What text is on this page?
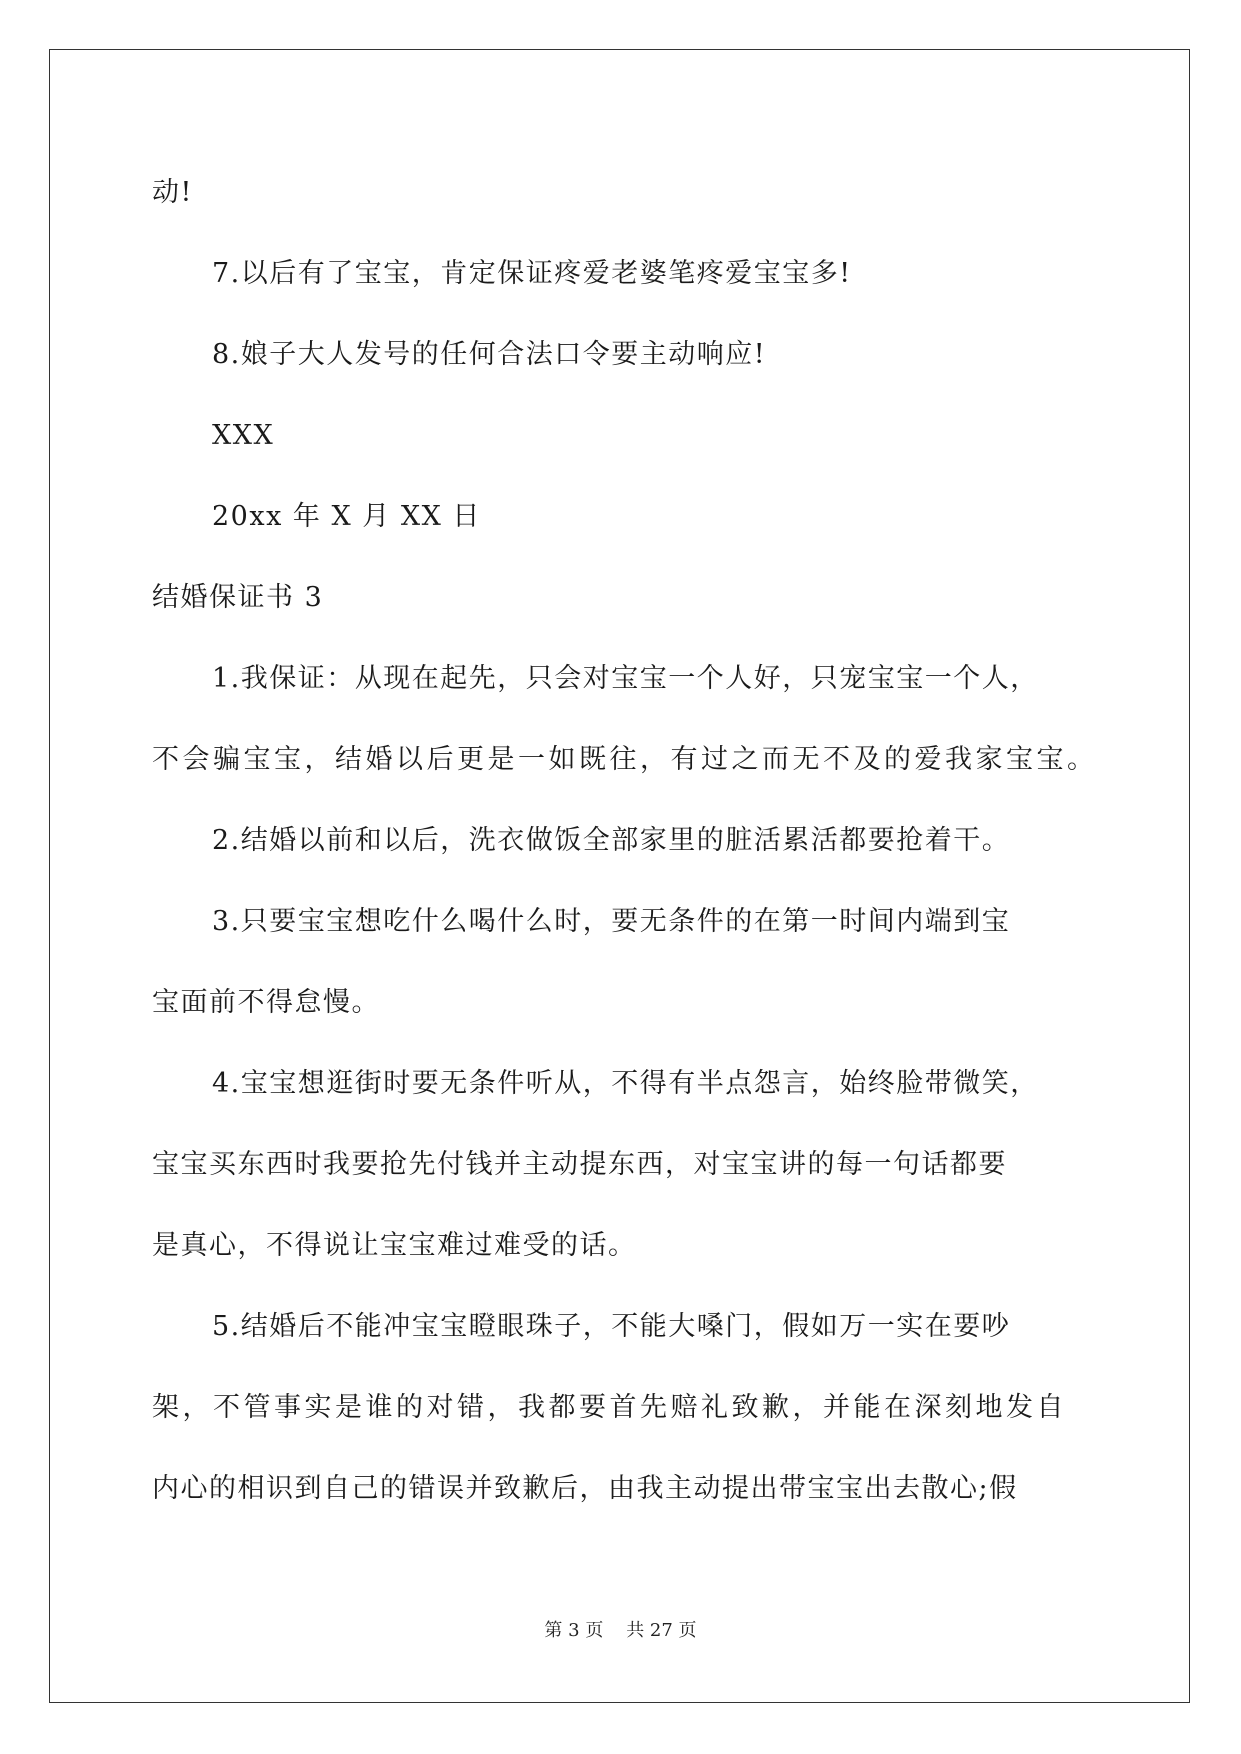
动!
7.以后有了宝宝，肯定保证疼爱老婆笔疼爱宝宝多!
8.娘子大人发号的任何合法口令要主动响应!
XXX
20xx 年 X 月 XX 日
结婚保证书 3
1.我保证：从现在起先，只会对宝宝一个人好，只宠宝宝一个人，
不会骗宝宝，结婚以后更是一如既往，有过之而无不及的爱我家宝宝。
2.结婚以前和以后，洗衣做饭全部家里的脏活累活都要抢着干。
3.只要宝宝想吃什么喝什么时，要无条件的在第一时间内端到宝
宝面前不得怠慢。
4.宝宝想逛街时要无条件听从，不得有半点怨言，始终脸带微笑，
宝宝买东西时我要抢先付钱并主动提东西，对宝宝讲的每一句话都要
是真心，不得说让宝宝难过难受的话。
5.结婚后不能冲宝宝瞪眼珠子，不能大嗓门，假如万一实在要吵
架，不管事实是谁的对错，我都要首先赔礼致歉，并能在深刻地发自
内心的相识到自己的错误并致歉后，由我主动提出带宝宝出去散心;假
第 3 页    共 27 页
